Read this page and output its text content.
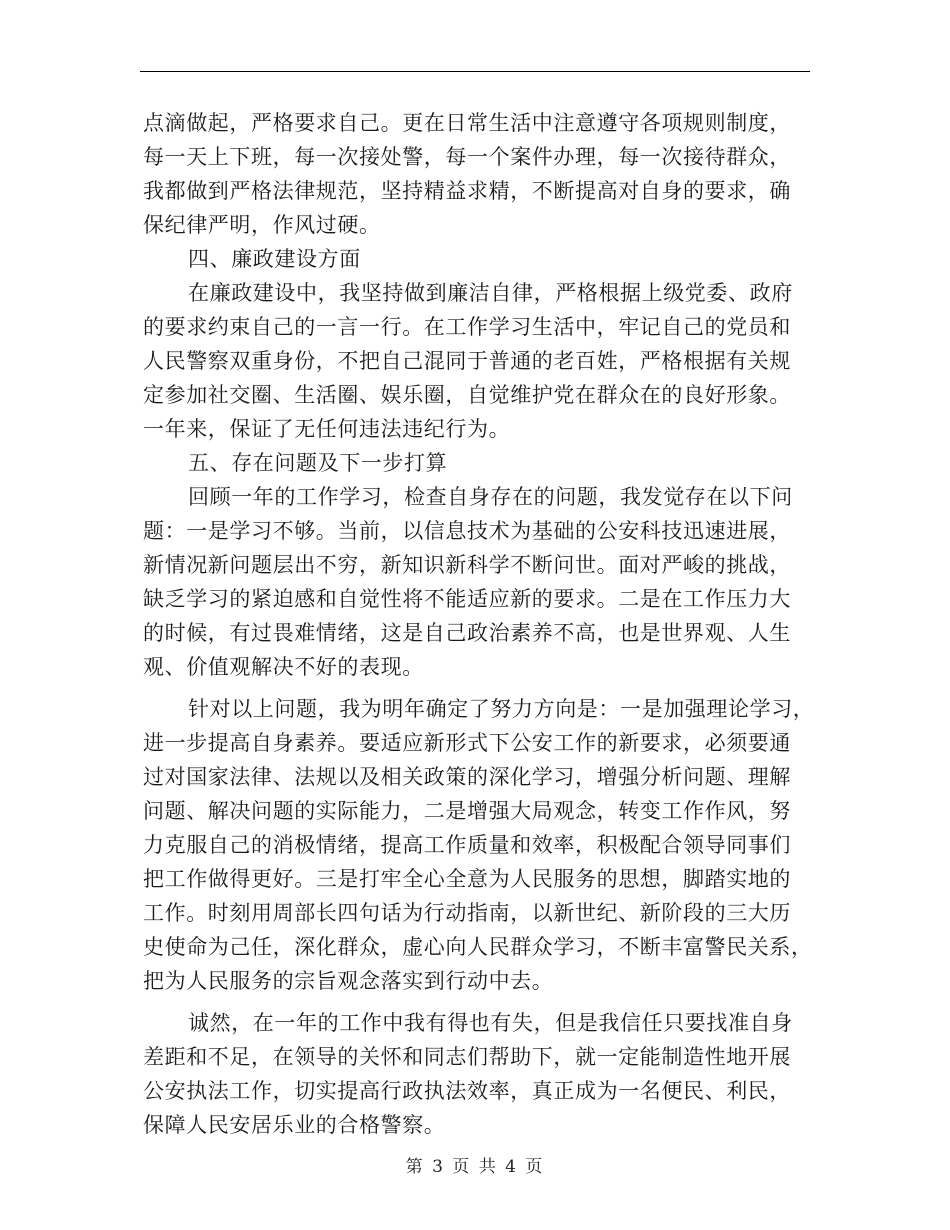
点滴做起，严格要求自己。更在日常生活中注意遵守各项规则制度，
每一天上下班，每一次接处警，每一个案件办理，每一次接待群众，
我都做到严格法律规范，坚持精益求精，不断提高对自身的要求，确
保纪律严明，作风过硬。
四、廉政建设方面
在廉政建设中，我坚持做到廉洁自律，严格根据上级党委、政府
的要求约束自己的一言一行。在工作学习生活中，牢记自己的党员和
人民警察双重身份，不把自己混同于普通的老百姓，严格根据有关规
定参加社交圈、生活圈、娱乐圈，自觉维护党在群众在的良好形象。
一年来，保证了无任何违法违纪行为。
五、存在问题及下一步打算
回顾一年的工作学习，检查自身存在的问题，我发觉存在以下问
题：一是学习不够。当前，以信息技术为基础的公安科技迅速进展，
新情况新问题层出不穷，新知识新科学不断问世。面对严峻的挑战，
缺乏学习的紧迫感和自觉性将不能适应新的要求。二是在工作压力大
的时候，有过畏难情绪，这是自己政治素养不高，也是世界观、人生
观、价值观解决不好的表现。
针对以上问题，我为明年确定了努力方向是：一是加强理论学习，
进一步提高自身素养。要适应新形式下公安工作的新要求，必须要通
过对国家法律、法规以及相关政策的深化学习，增强分析问题、理解
问题、解决问题的实际能力，二是增强大局观念，转变工作作风，努
力克服自己的消极情绪，提高工作质量和效率，积极配合领导同事们
把工作做得更好。三是打牢全心全意为人民服务的思想，脚踏实地的
工作。时刻用周部长四句话为行动指南，以新世纪、新阶段的三大历
史使命为己任，深化群众，虚心向人民群众学习，不断丰富警民关系，
把为人民服务的宗旨观念落实到行动中去。
诚然，在一年的工作中我有得也有失，但是我信任只要找准自身
差距和不足，在领导的关怀和同志们帮助下，就一定能制造性地开展
公安执法工作，切实提高行政执法效率，真正成为一名便民、利民，
保障人民安居乐业的合格警察。
第 3 页 共 4 页
